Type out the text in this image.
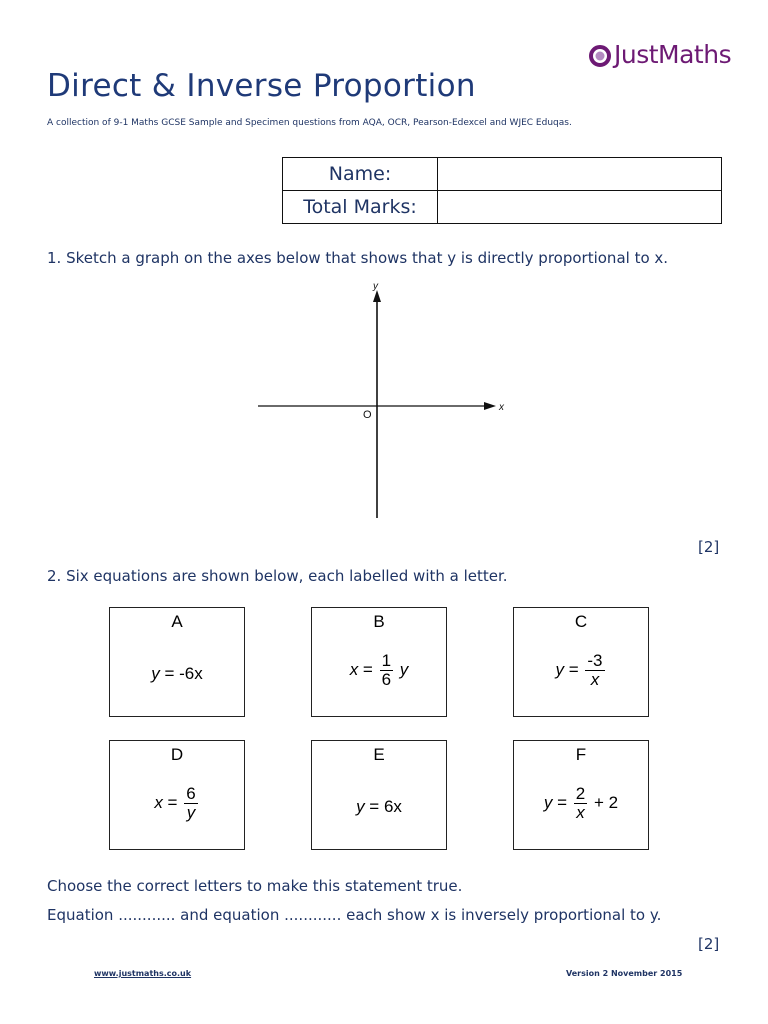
JustMaths
Direct & Inverse Proportion
A collection of 9-1 Maths GCSE Sample and Specimen questions from AQA, OCR, Pearson-Edexcel and WJEC Eduqas.
Name:	
Total Marks:	
1. Sketch a graph on the axes below that shows that y is directly proportional to x.
y
x
O
[2]
2. Six equations are shown below, each labelled with a letter.
A
y = -6x
B
$x = \frac{1}{6}$ y
C
$y = \frac{-3}{x}$
D
$x = \frac{6}{y}$
E
y = 6x
F
$y = \frac{2}{x} + 2$
Choose the correct letters to make this statement true.
Equation ............ and equation ............ each show x is inversely proportional to y.
[2]
www.justmaths.co.uk	Version 2 November 2015
